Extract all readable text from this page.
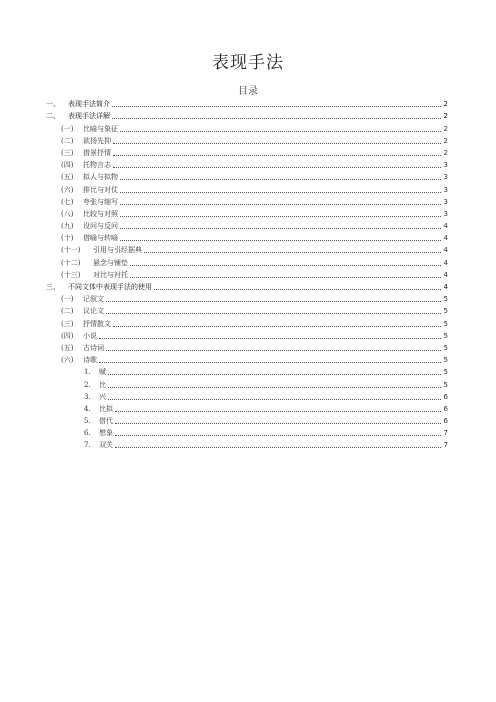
表现手法
目录
一、	表现手法简介	2
二、	表现手法详解	2
(一)	比喻与象征	2
(二)	欲扬先抑	2
(三)	借景抒情	2
(四)	托物言志	3
(五)	拟人与拟物	3
(六)	排比与对仗	3
(七)	夸张与缩写	3
(八)	比较与对照	3
(九)	设问与反问	4
(十)	借喻与转喻	4
(十一)	引用与引经据典	4
(十二)	悬念与铺垫	4
(十三)	对比与衬托	4
三、	不同文体中表现手法的使用	4
(一)	记叙文	5
(二)	议论文	5
(三)	抒情散文	5
(四)	小说	5
(五)	古诗词	5
(六)	诗歌	5
1.	赋	5
2.	比	5
3.	兴	6
4.	比拟	6
5.	借代	6
6.	想象	7
7.	双关	7
